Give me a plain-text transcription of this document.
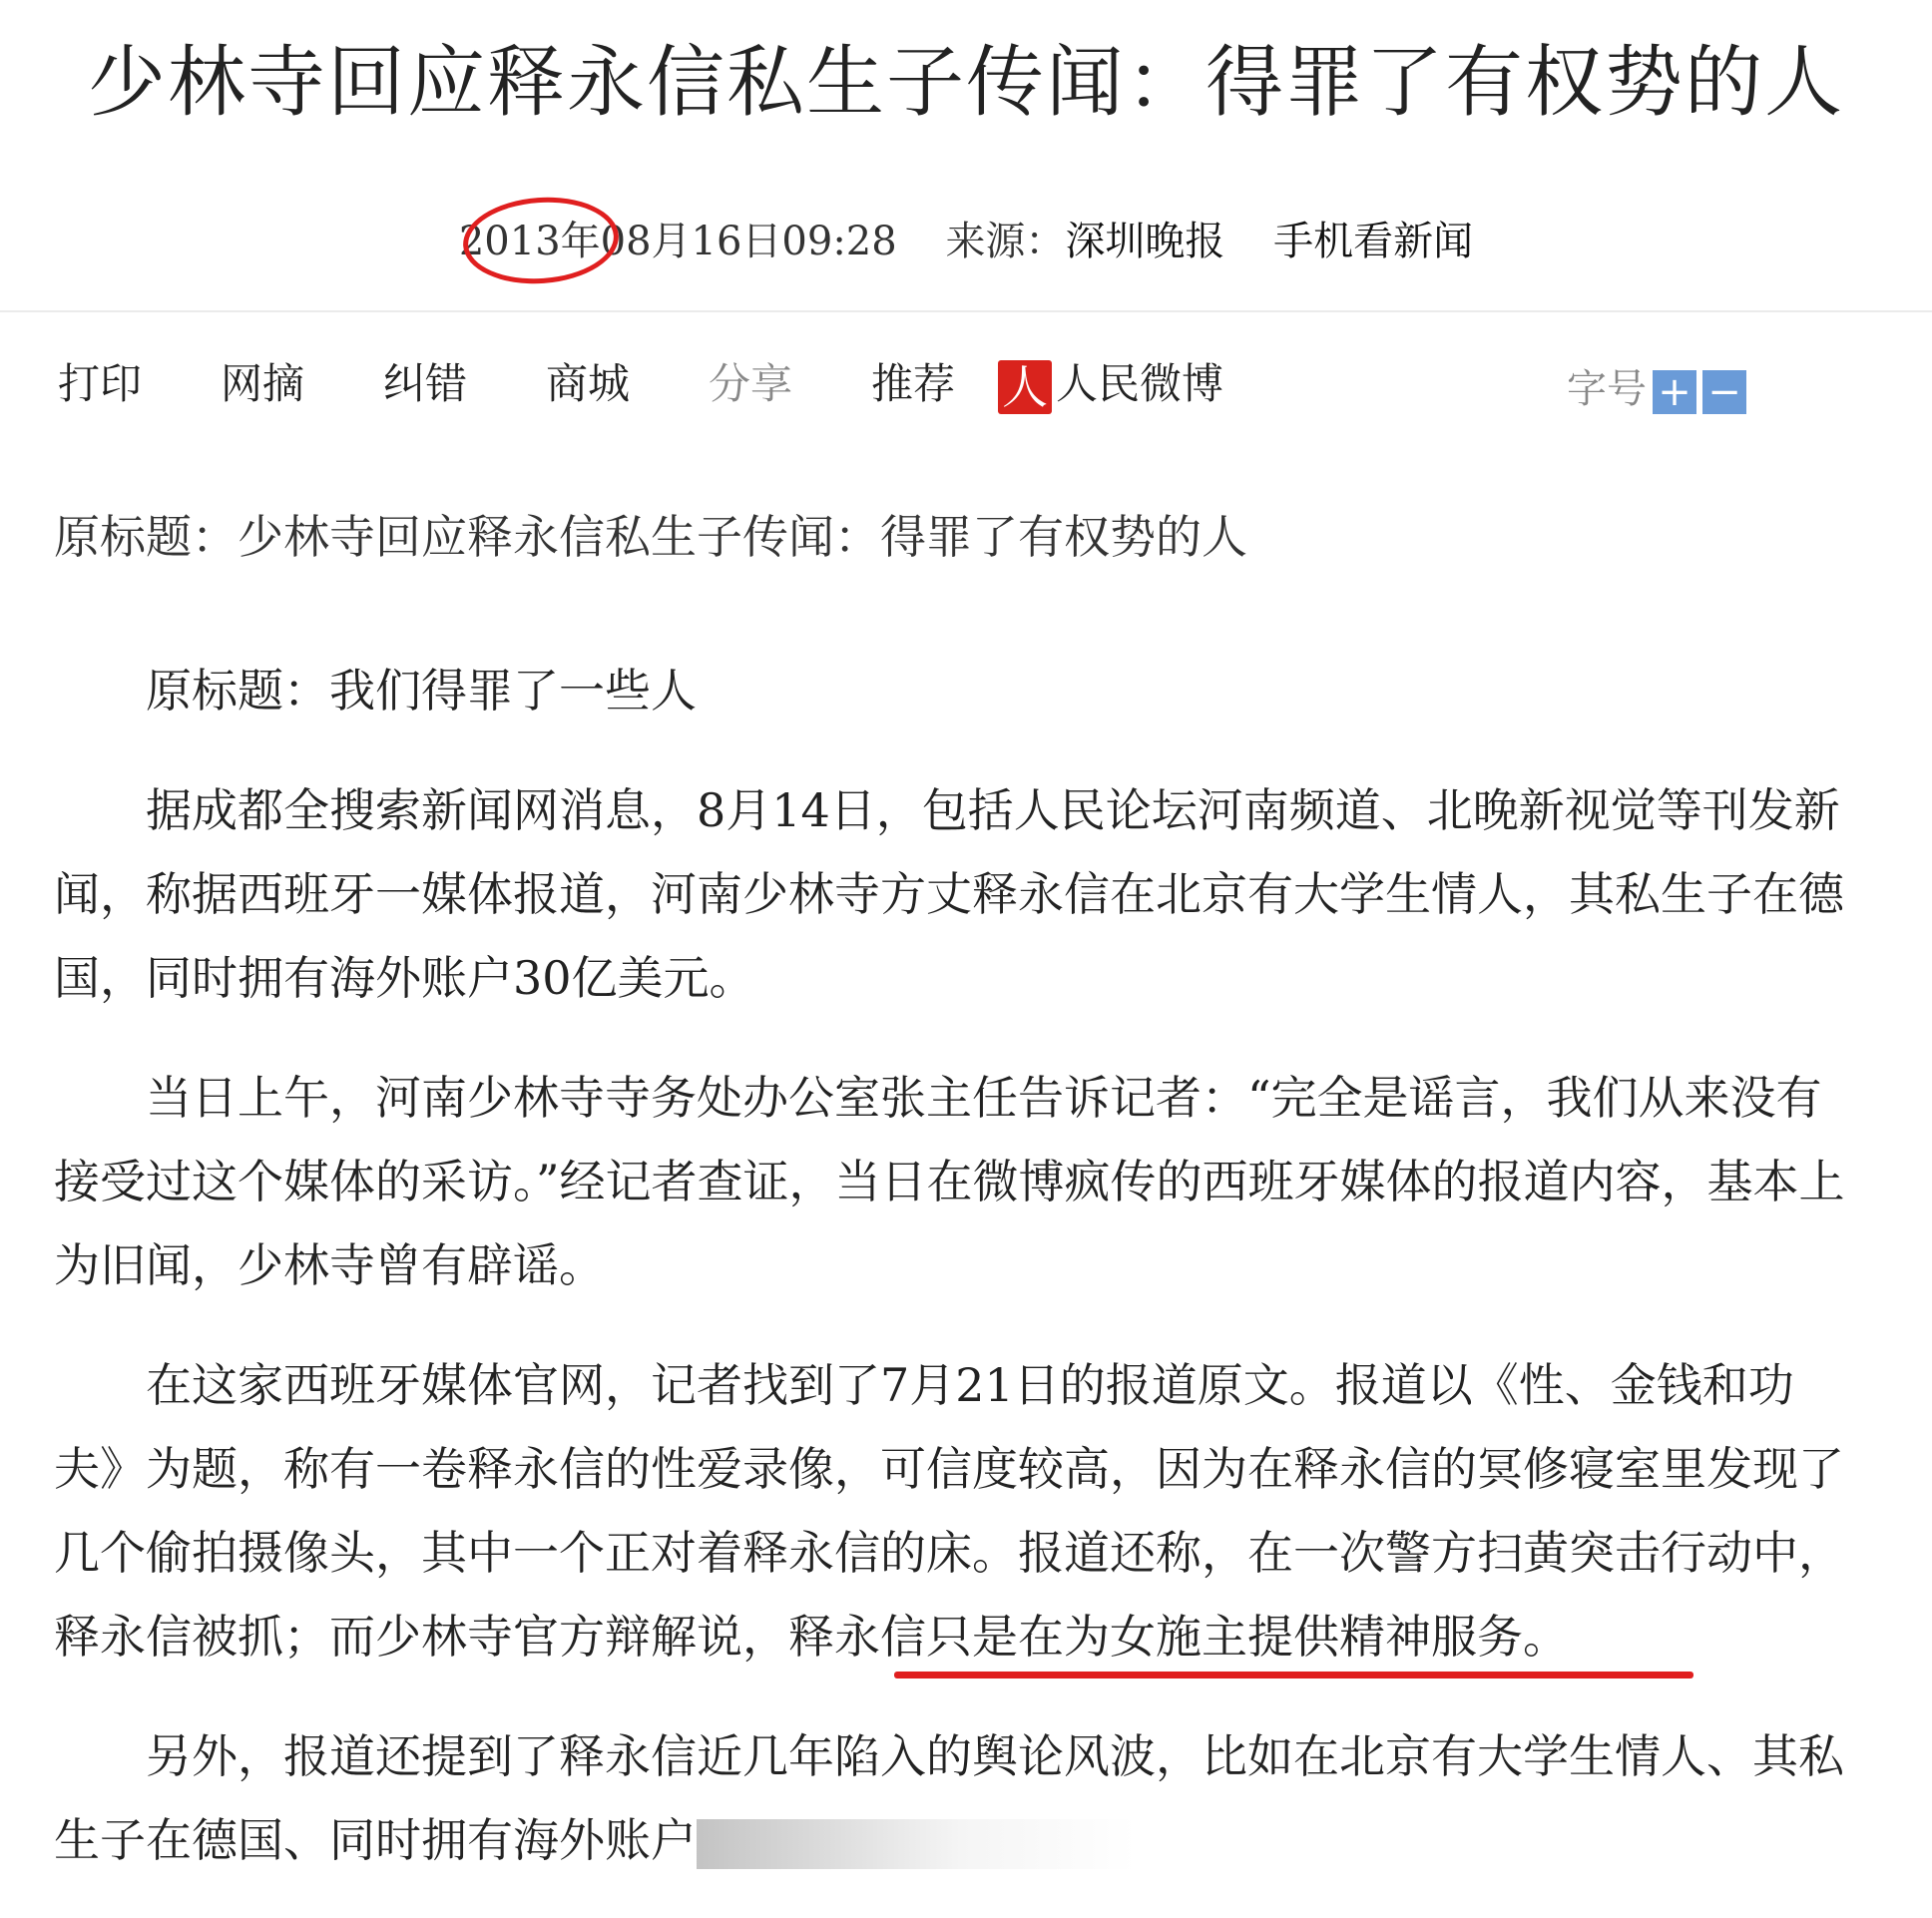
少林寺回应释永信私生子传闻：得罪了有权势的人
2013年08月16日09:28 来源：深圳晚报 手机看新闻
打印 网摘 纠错 商城 分享 推荐 人 人民微博	字号 + −
原标题：少林寺回应释永信私生子传闻：得罪了有权势的人

原标题：我们得罪了一些人

据成都全搜索新闻网消息，8月14日，包括人民论坛河南频道、北晚新视觉等刊发新闻，称据西班牙一媒体报道，河南少林寺方丈释永信在北京有大学生情人，其私生子在德国，同时拥有海外账户30亿美元。

当日上午，河南少林寺寺务处办公室张主任告诉记者：“完全是谣言，我们从来没有接受过这个媒体的采访。”经记者查证，当日在微博疯传的西班牙媒体的报道内容，基本上为旧闻，少林寺曾有辟谣。

在这家西班牙媒体官网，记者找到了7月21日的报道原文。报道以《性、金钱和功夫》为题，称有一卷释永信的性爱录像，可信度较高，因为在释永信的冥修寝室里发现了几个偷拍摄像头，其中一个正对着释永信的床。报道还称，在一次警方扫黄突击行动中，释永信被抓；而少林寺官方辩解说，释永信只是在为女施主提供精神服务。

另外，报道还提到了释永信近几年陷入的舆论风波，比如在北京有大学生情人、其私生子在德国、同时拥有海外账户
